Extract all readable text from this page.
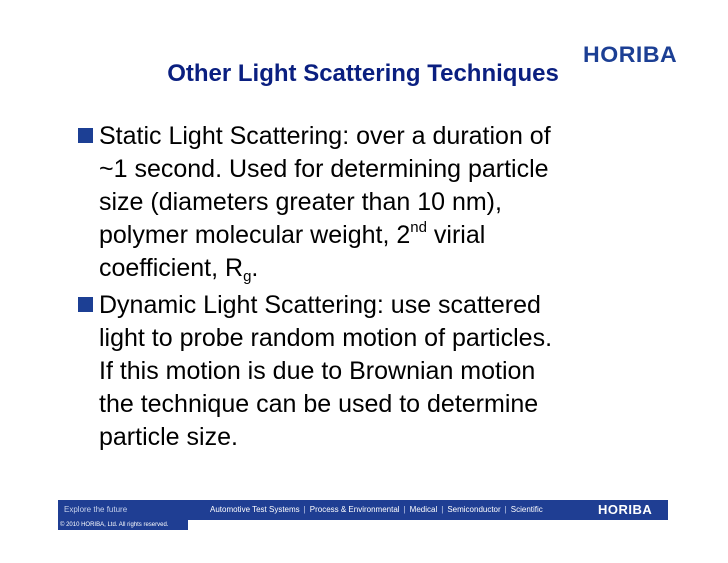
HORIBA
Other Light Scattering Techniques
Static Light Scattering: over a duration of
~1 second. Used for determining particle
size (diameters greater than 10 nm),
polymer molecular weight, 2nd virial
coefficient, $R_g$.
Dynamic Light Scattering: use scattered
light to probe random motion of particles.
If this motion is due to Brownian motion
the technique can be used to determine
particle size.
Explore the future	Automotive Test Systems | Process & Environmental | Medical | Semiconductor | Scientific	HORIBA
© 2010 HORIBA, Ltd. All rights reserved.
